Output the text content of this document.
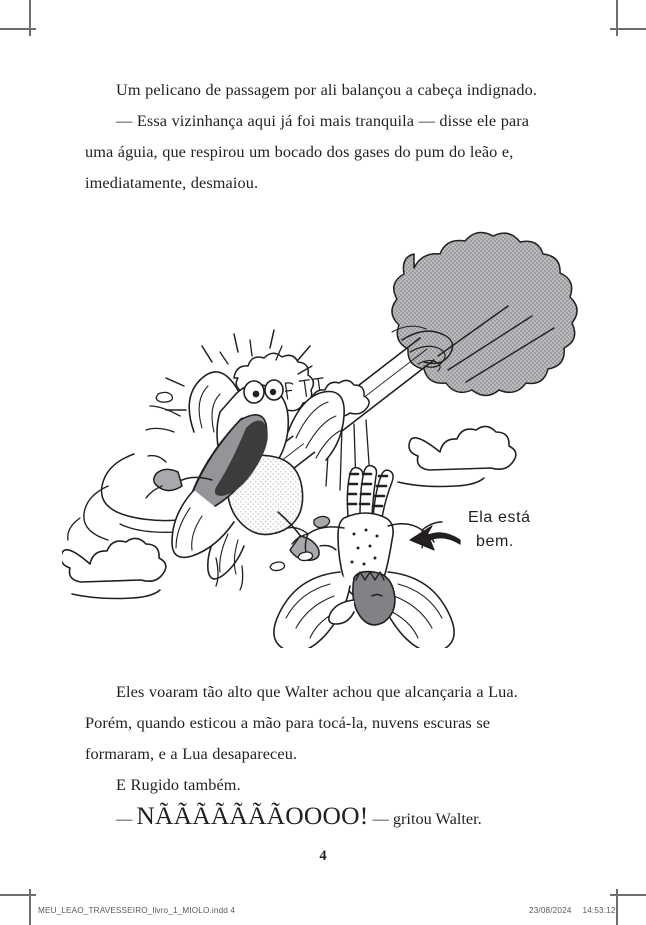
Um pelicano de passagem por ali balançou a cabeça indignado.

— Essa vizinhança aqui já foi mais tranquila — disse ele para uma águia, que respirou um bocado dos gases do pum do leão e, imediatamente, desmaiou.

Ela está
bem.

Eles voaram tão alto que Walter achou que alcançaria a Lua. Porém, quando esticou a mão para tocá-la, nuvens escuras se formaram, e a Lua desapareceu.

E Rugido também.

— NÃÃÃÃÃÃÃOOOO! — gritou Walter.

4
MEU_LEAO_TRAVESSEIRO_livro_1_MIOLO.indd 4	23/08/2024 14:53:12
